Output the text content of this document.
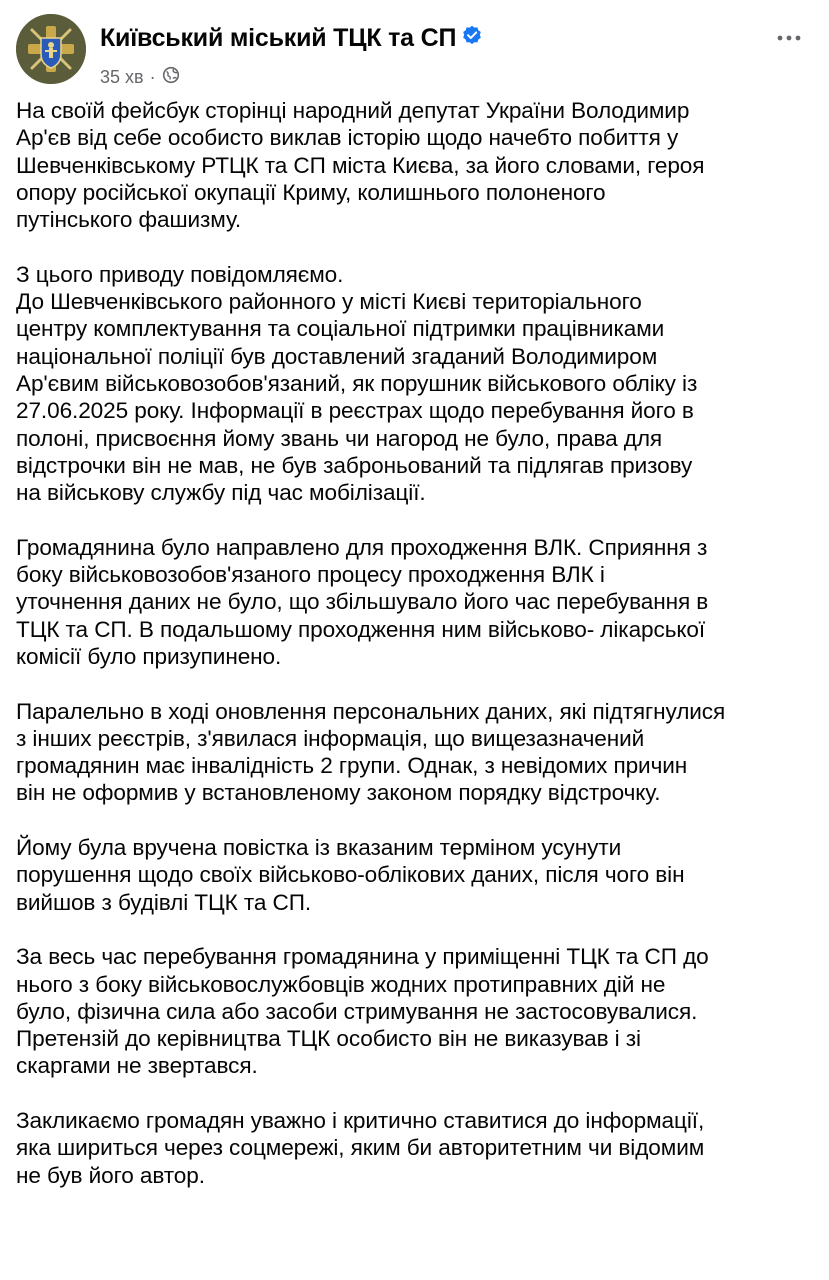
Київський міський ТЦК та СП
35 хв ·

На своїй фейсбук сторінці народний депутат України Володимир
Ар'єв від себе особисто виклав історію щодо начебто побиття у
Шевченківському РТЦК та СП міста Києва, за його словами, героя
опору російської окупації Криму, колишнього полоненого
путінського фашизму.

З цього приводу повідомляємо.
До Шевченківського районного у місті Києві територіального
центру комплектування та соціальної підтримки працівниками
національної поліції був доставлений згаданий Володимиром
Ар'євим військовозобов'язаний, як порушник військового обліку із
27.06.2025 року. Інформації в реєстрах щодо перебування його в
полоні, присвоєння йому звань чи нагород не було, права для
відстрочки він не мав, не був заброньований та підлягав призову
на військову службу під час мобілізації.

Громадянина було направлено для проходження ВЛК. Сприяння з
боку військовозобов'язаного процесу проходження ВЛК і
уточнення даних не було, що збільшувало його час перебування в
ТЦК та СП. В подальшому проходження ним військово- лікарської
комісії було призупинено.

Паралельно в ході оновлення персональних даних, які підтягнулися
з інших реєстрів, з'явилася інформація, що вищезазначений
громадянин має інвалідність 2 групи. Однак, з невідомих причин
він не оформив у встановленому законом порядку відстрочку.

Йому була вручена повістка із вказаним терміном усунути
порушення щодо своїх військово-облікових даних, після чого він
вийшов з будівлі ТЦК та СП.

За весь час перебування громадянина у приміщенні ТЦК та СП до
нього з боку військовослужбовців жодних протиправних дій не
було, фізична сила або засоби стримування не застосовувалися.
Претензій до керівництва ТЦК особисто він не виказував і зі
скаргами не звертався.

Закликаємо громадян уважно і критично ставитися до інформації,
яка шириться через соцмережі, яким би авторитетним чи відомим
не був його автор.
